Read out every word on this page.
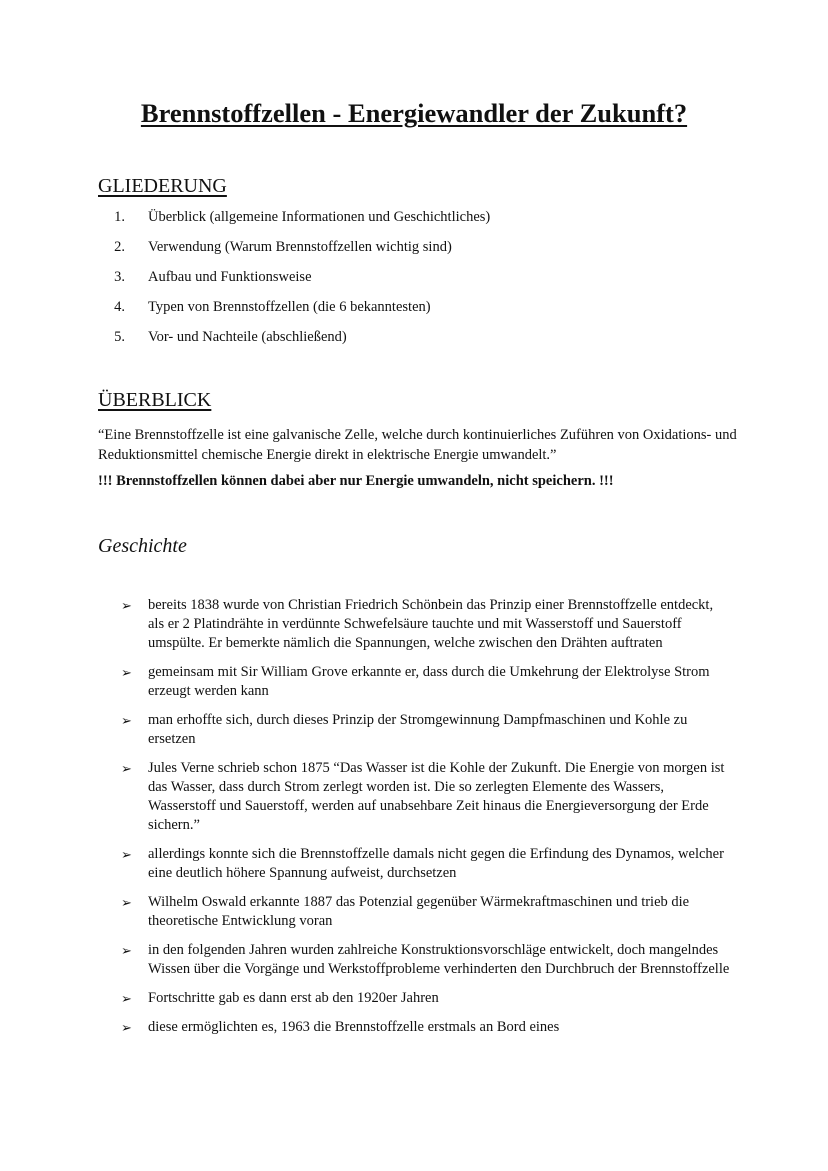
Brennstoffzellen - Energiewandler der Zukunft?
GLIEDERUNG
1. Überblick (allgemeine Informationen und Geschichtliches)
2. Verwendung (Warum Brennstoffzellen wichtig sind)
3. Aufbau und Funktionsweise
4. Typen von Brennstoffzellen (die 6 bekanntesten)
5. Vor- und Nachteile (abschließend)
ÜBERBLICK

“Eine Brennstoffzelle ist eine galvanische Zelle, welche durch kontinuierliches Zuführen von Oxidations- und Reduktionsmittel chemische Energie direkt in elektrische Energie umwandelt.”

!!! Brennstoffzellen können dabei aber nur Energie umwandeln, nicht speichern. !!!

Geschichte
➢ bereits 1838 wurde von Christian Friedrich Schönbein das Prinzip einer Brennstoffzelle entdeckt, als er 2 Platindrähte in verdünnte Schwefelsäure tauchte und mit Wasserstoff und Sauerstoff umspülte. Er bemerkte nämlich die Spannungen, welche zwischen den Drähten auftraten
➢ gemeinsam mit Sir William Grove erkannte er, dass durch die Umkehrung der Elektrolyse Strom erzeugt werden kann
➢ man erhoffte sich, durch dieses Prinzip der Stromgewinnung Dampfmaschinen und Kohle zu ersetzen
➢ Jules Verne schrieb schon 1875 “Das Wasser ist die Kohle der Zukunft. Die Energie von morgen ist das Wasser, dass durch Strom zerlegt worden ist. Die so zerlegten Elemente des Wassers, Wasserstoff und Sauerstoff, werden auf unabsehbare Zeit hinaus die Energieversorgung der Erde sichern.”
➢ allerdings konnte sich die Brennstoffzelle damals nicht gegen die Erfindung des Dynamos, welcher eine deutlich höhere Spannung aufweist, durchsetzen
➢ Wilhelm Oswald erkannte 1887 das Potenzial gegenüber Wärmekraftmaschinen und trieb die theoretische Entwicklung voran
➢ in den folgenden Jahren wurden zahlreiche Konstruktionsvorschläge entwickelt, doch mangelndes Wissen über die Vorgänge und Werkstoffprobleme verhinderten den Durchbruch der Brennstoffzelle
➢ Fortschritte gab es dann erst ab den 1920er Jahren
➢ diese ermöglichten es, 1963 die Brennstoffzelle erstmals an Bord eines
